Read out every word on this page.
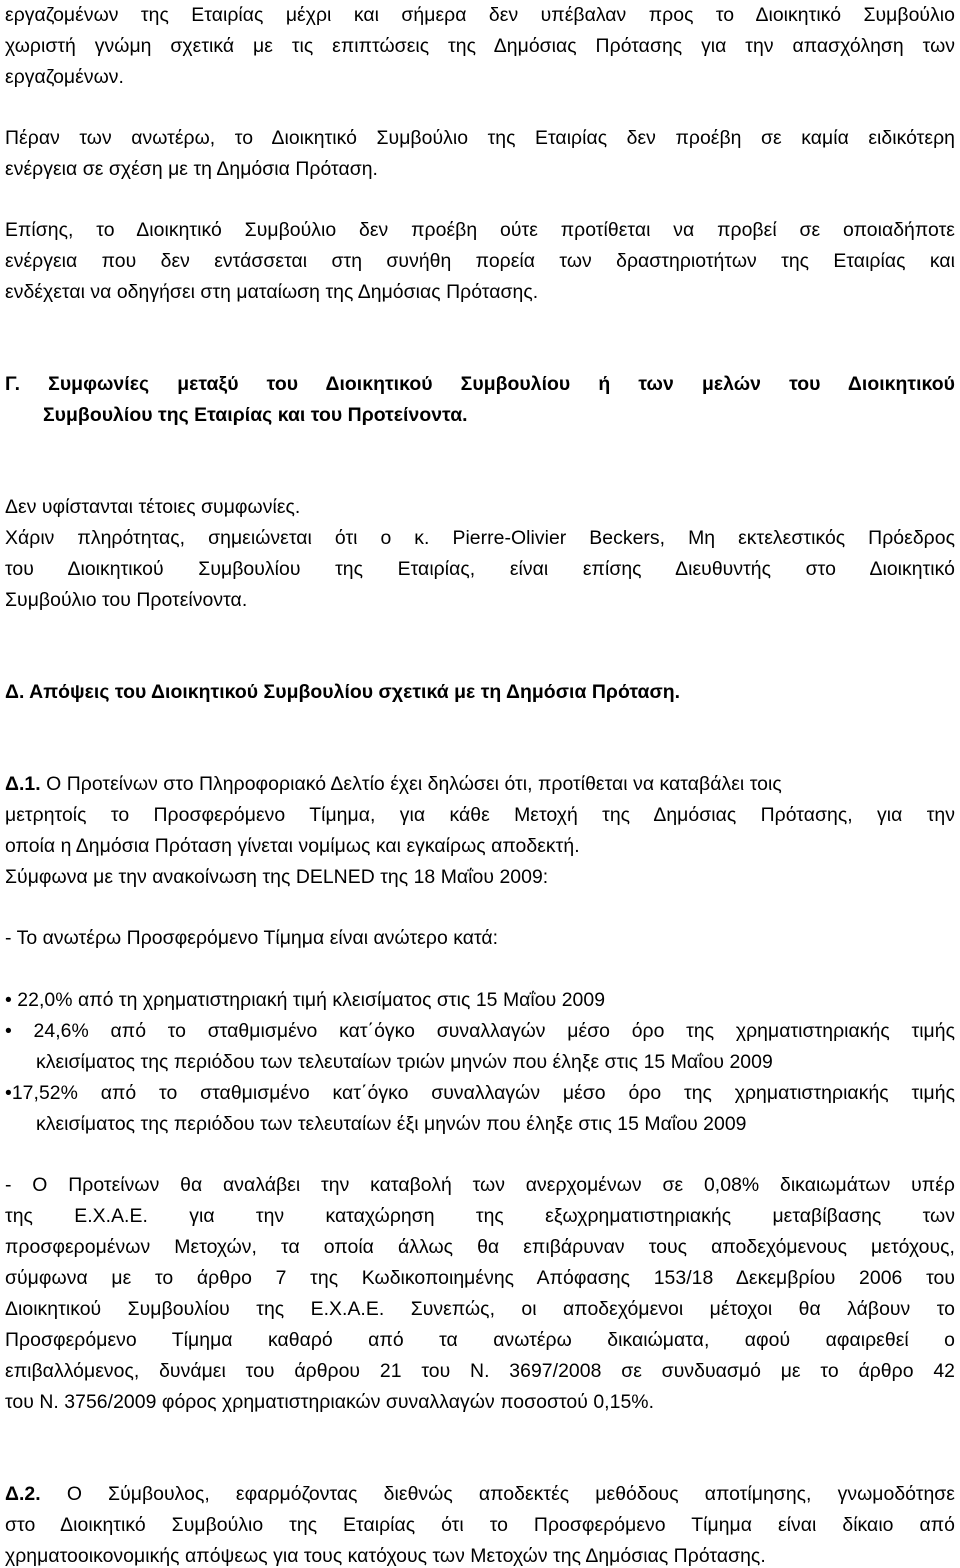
εργαζομένων της Εταιρίας μέχρι και σήμερα δεν υπέβαλαν προς το Διοικητικό Συμβούλιο
χωριστή γνώμη σχετικά με τις επιπτώσεις της Δημόσιας Πρότασης για την απασχόληση των
εργαζομένων.
Πέραν των ανωτέρω, το Διοικητικό Συμβούλιο της Εταιρίας δεν προέβη σε καμία ειδικότερη
ενέργεια σε σχέση με τη Δημόσια Πρόταση.
Επίσης, το Διοικητικό Συμβούλιο δεν προέβη ούτε προτίθεται να προβεί σε οποιαδήποτε
ενέργεια που δεν εντάσσεται στη συνήθη πορεία των δραστηριοτήτων της Εταιρίας και
ενδέχεται να οδηγήσει στη ματαίωση της Δημόσιας Πρότασης.
Γ. Συμφωνίες μεταξύ του Διοικητικού Συμβουλίου ή των μελών του Διοικητικού
Συμβουλίου της Εταιρίας και του Προτείνοντα.
Δεν υφίστανται τέτοιες συμφωνίες.
Χάριν πληρότητας, σημειώνεται ότι ο κ. Pierre-Olivier Beckers, Μη εκτελεστικός Πρόεδρος
του Διοικητικού Συμβουλίου της Εταιρίας, είναι επίσης Διευθυντής στο Διοικητικό
Συμβούλιο του Προτείνοντα.
Δ. Απόψεις του Διοικητικού Συμβουλίου σχετικά με τη Δημόσια Πρόταση.
Δ.1. Ο Προτείνων στο Πληροφοριακό Δελτίο έχει δηλώσει ότι, προτίθεται να καταβάλει τοις
μετρητοίς το Προσφερόμενο Τίμημα, για κάθε Μετοχή της Δημόσιας Πρότασης, για την
οποία η Δημόσια Πρόταση γίνεται νομίμως και εγκαίρως αποδεκτή.
Σύμφωνα με την ανακοίνωση της DELNED της 18 Μαΐου 2009:
- Το ανωτέρω Προσφερόμενο Τίμημα είναι ανώτερο κατά:
• 22,0% από τη χρηματιστηριακή τιμή κλεισίματος στις 15 Μαΐου 2009
• 24,6% από το σταθμισμένο κατ΄όγκο συναλλαγών μέσο όρο της χρηματιστηριακής τιμής
κλεισίματος της περιόδου των τελευταίων τριών μηνών που έληξε στις 15 Μαΐου 2009
•17,52% από το σταθμισμένο κατ΄όγκο συναλλαγών μέσο όρο της χρηματιστηριακής τιμής
κλεισίματος της περιόδου των τελευταίων έξι μηνών που έληξε στις 15 Μαΐου 2009
- Ο Προτείνων θα αναλάβει την καταβολή των ανερχομένων σε 0,08% δικαιωμάτων υπέρ
της Ε.Χ.Α.Ε. για την καταχώρηση της εξωχρηματιστηριακής μεταβίβασης των
προσφερομένων Μετοχών, τα οποία άλλως θα επιβάρυναν τους αποδεχόμενους μετόχους,
σύμφωνα με το άρθρο 7 της Κωδικοποιημένης Απόφασης 153/18 Δεκεμβρίου 2006 του
Διοικητικού Συμβουλίου της Ε.Χ.Α.Ε. Συνεπώς, οι αποδεχόμενοι μέτοχοι θα λάβουν το
Προσφερόμενο Τίμημα καθαρό από τα ανωτέρω δικαιώματα, αφού αφαιρεθεί ο
επιβαλλόμενος, δυνάμει του άρθρου 21 του Ν. 3697/2008 σε συνδυασμό με το άρθρο 42
του Ν. 3756/2009 φόρος χρηματιστηριακών συναλλαγών ποσοστού 0,15%.
Δ.2. Ο Σύμβουλος, εφαρμόζοντας διεθνώς αποδεκτές μεθόδους αποτίμησης, γνωμοδότησε
στο Διοικητικό Συμβούλιο της Εταιρίας ότι το Προσφερόμενο Τίμημα είναι δίκαιο από
χρηματοοικονομικής απόψεως για τους κατόχους των Μετοχών της Δημόσιας Πρότασης.
